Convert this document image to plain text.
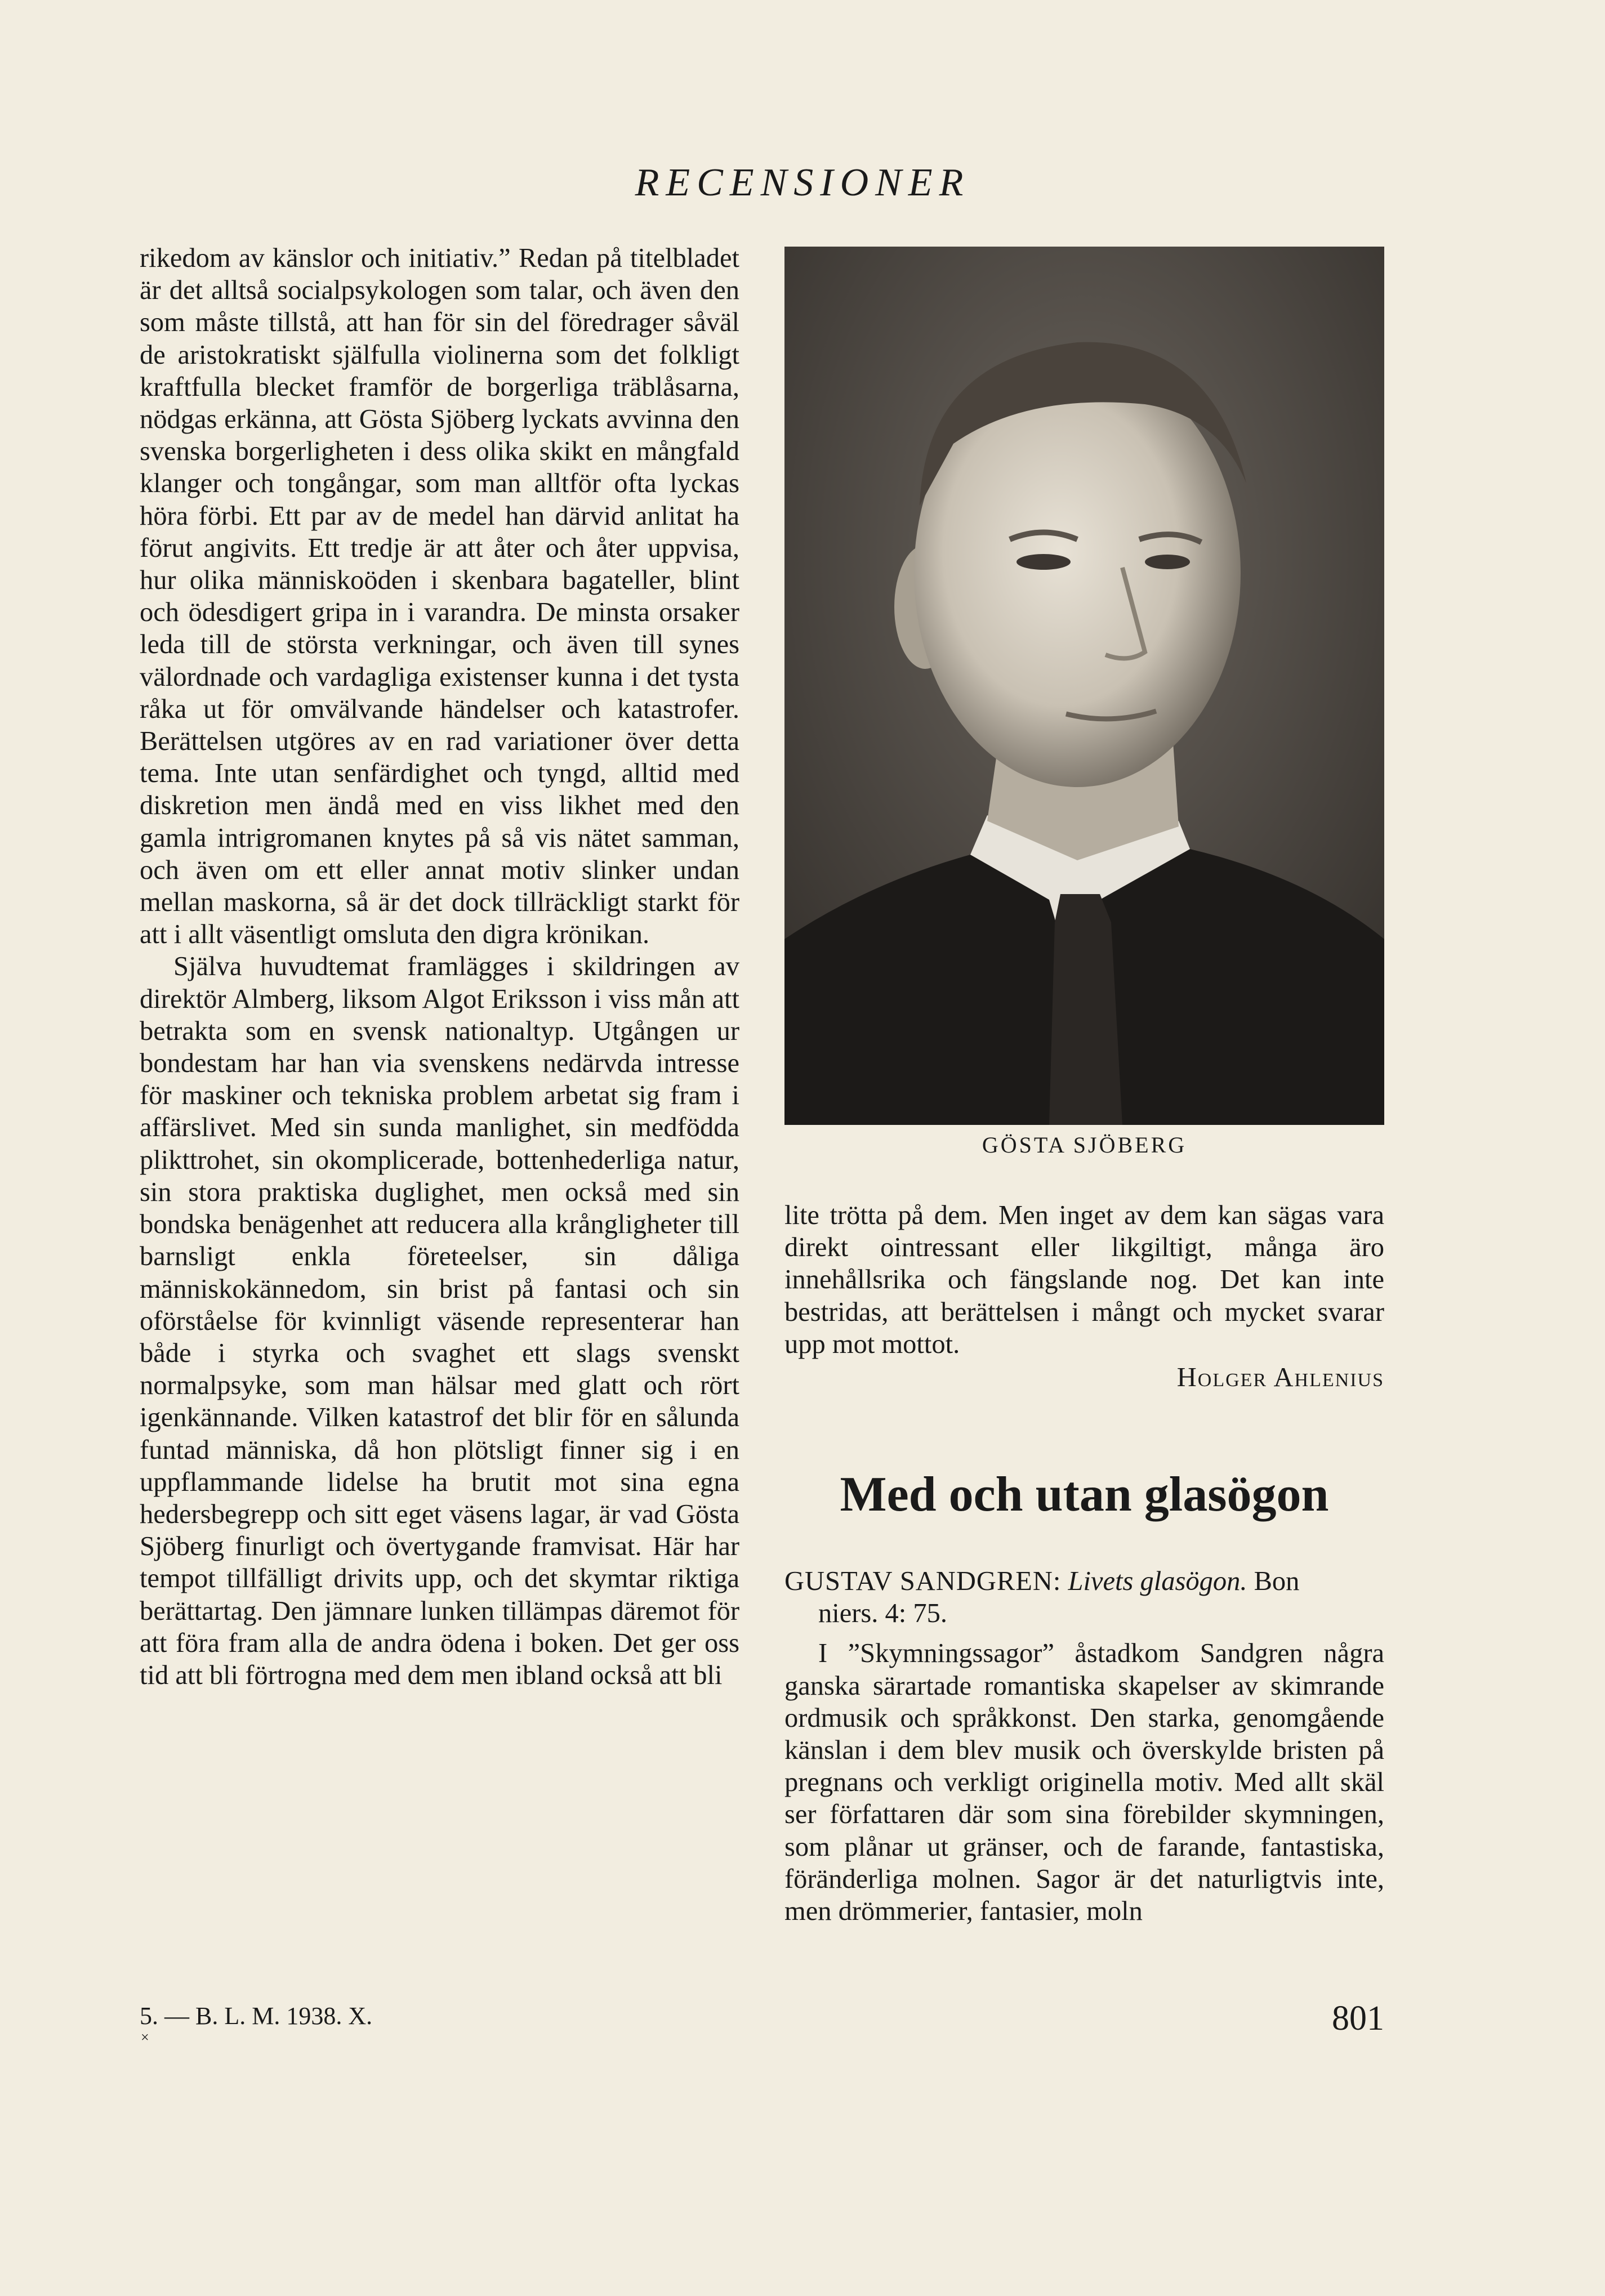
RECENSIONER

rikedom av känslor och initiativ.” Redan på titelbladet är det alltså socialpsykologen som talar, och även den som måste tillstå, att han för sin del föredrager såväl de aristokratiskt själfulla violinerna som det folkligt kraftfulla blecket framför de borgerliga träblåsarna, nödgas erkänna, att Gösta Sjöberg lyckats avvinna den svenska borgerligheten i dess olika skikt en mångfald klanger och tongångar, som man alltför ofta lyckas höra förbi. Ett par av de medel han därvid anlitat ha förut angivits. Ett tredje är att åter och åter uppvisa, hur olika människoöden i skenbara bagateller, blint och ödesdigert gripa in i varandra. De minsta orsaker leda till de största verkningar, och även till synes välordnade och vardagliga existenser kunna i det tysta råka ut för omvälvande händelser och katastrofer. Berättelsen utgöres av en rad variationer över detta tema. Inte utan senfärdighet och tyngd, alltid med diskretion men ändå med en viss likhet med den gamla intrigromanen knytes på så vis nätet samman, och även om ett eller annat motiv slinker undan mellan maskorna, så är det dock tillräckligt starkt för att i allt väsentligt omsluta den digra krönikan.

Själva huvudtemat framlägges i skildringen av direktör Almberg, liksom Algot Eriksson i viss mån att betrakta som en svensk nationaltyp. Utgången ur bondestam har han via svenskens nedärvda intresse för maskiner och tekniska problem arbetat sig fram i affärslivet. Med sin sunda manlighet, sin medfödda plikttrohet, sin okomplicerade, bottenhederliga natur, sin stora praktiska duglighet, men också med sin bondska benägenhet att reducera alla krångligheter till barnsligt enkla företeelser, sin dåliga människokännedom, sin brist på fantasi och sin oförståelse för kvinnligt väsende representerar han både i styrka och svaghet ett slags svenskt normalpsyke, som man hälsar med glatt och rört igenkännande. Vilken katastrof det blir för en sålunda funtad människa, då hon plötsligt finner sig i en uppflammande lidelse ha brutit mot sina egna hedersbegrepp och sitt eget väsens lagar, är vad Gösta Sjöberg finurligt och övertygande framvisat. Här har tempot tillfälligt drivits upp, och det skymtar riktiga berättartag. Den jämnare lunken tillämpas däremot för att föra fram alla de andra ödena i boken. Det ger oss tid att bli förtrogna med dem men ibland också att bli

GÖSTA SJÖBERG

lite trötta på dem. Men inget av dem kan sägas vara direkt ointressant eller likgiltigt, många äro innehållsrika och fängslande nog. Det kan inte bestridas, att berättelsen i mångt och mycket svarar upp mot mottot.

Holger Ahlenius
Med och utan glasögon

GUSTAV SANDGREN: Livets glasögon. Bon

niers. 4: 75.

I ”Skymningssagor” åstadkom Sandgren några ganska särartade romantiska skapelser av skimrande ordmusik och språkkonst. Den starka, genomgående känslan i dem blev musik och överskylde bristen på pregnans och verkligt originella motiv. Med allt skäl ser författaren där som sina förebilder skymningen, som plånar ut gränser, och de farande, fantastiska, föränderliga molnen. Sagor är det naturligtvis inte, men drömmerier, fantasier, moln

5. — B. L. M. 1938. X.
×	801
